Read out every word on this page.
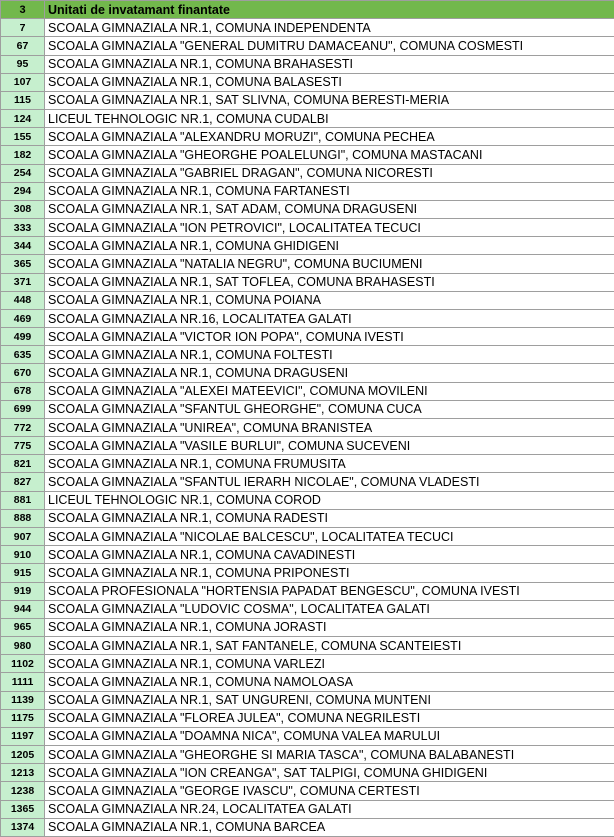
3	Unitati de invatamant finantate
7	SCOALA GIMNAZIALA NR.1, COMUNA INDEPENDENTA
67	SCOALA GIMNAZIALA "GENERAL DUMITRU DAMACEANU", COMUNA COSMESTI
95	SCOALA GIMNAZIALA NR.1, COMUNA BRAHASESTI
107	SCOALA GIMNAZIALA NR.1, COMUNA BALASESTI
115	SCOALA GIMNAZIALA NR.1, SAT SLIVNA, COMUNA BERESTI-MERIA
124	LICEUL TEHNOLOGIC NR.1, COMUNA CUDALBI
155	SCOALA GIMNAZIALA "ALEXANDRU MORUZI", COMUNA PECHEA
182	SCOALA GIMNAZIALA "GHEORGHE POALELUNGI", COMUNA MASTACANI
254	SCOALA GIMNAZIALA "GABRIEL DRAGAN", COMUNA NICORESTI
294	SCOALA GIMNAZIALA NR.1, COMUNA FARTANESTI
308	SCOALA GIMNAZIALA NR.1, SAT ADAM, COMUNA DRAGUSENI
333	SCOALA GIMNAZIALA "ION PETROVICI", LOCALITATEA TECUCI
344	SCOALA GIMNAZIALA NR.1, COMUNA GHIDIGENI
365	SCOALA GIMNAZIALA "NATALIA NEGRU", COMUNA BUCIUMENI
371	SCOALA GIMNAZIALA NR.1, SAT TOFLEA, COMUNA BRAHASESTI
448	SCOALA GIMNAZIALA NR.1, COMUNA POIANA
469	SCOALA GIMNAZIALA NR.16, LOCALITATEA GALATI
499	SCOALA GIMNAZIALA "VICTOR ION POPA", COMUNA IVESTI
635	SCOALA GIMNAZIALA NR.1, COMUNA FOLTESTI
670	SCOALA GIMNAZIALA NR.1, COMUNA DRAGUSENI
678	SCOALA GIMNAZIALA "ALEXEI MATEEVICI", COMUNA MOVILENI
699	SCOALA GIMNAZIALA "SFANTUL GHEORGHE", COMUNA CUCA
772	SCOALA GIMNAZIALA "UNIREA", COMUNA BRANISTEA
775	SCOALA GIMNAZIALA "VASILE BURLUI", COMUNA SUCEVENI
821	SCOALA GIMNAZIALA NR.1, COMUNA FRUMUSITA
827	SCOALA GIMNAZIALA "SFANTUL IERARH NICOLAE", COMUNA VLADESTI
881	LICEUL TEHNOLOGIC NR.1, COMUNA COROD
888	SCOALA GIMNAZIALA NR.1, COMUNA RADESTI
907	SCOALA GIMNAZIALA "NICOLAE BALCESCU", LOCALITATEA TECUCI
910	SCOALA GIMNAZIALA NR.1, COMUNA CAVADINESTI
915	SCOALA GIMNAZIALA NR.1, COMUNA PRIPONESTI
919	SCOALA PROFESIONALA "HORTENSIA PAPADAT BENGESCU", COMUNA IVESTI
944	SCOALA GIMNAZIALA "LUDOVIC COSMA", LOCALITATEA GALATI
965	SCOALA GIMNAZIALA NR.1, COMUNA JORASTI
980	SCOALA GIMNAZIALA NR.1, SAT FANTANELE, COMUNA SCANTEIESTI
1102	SCOALA GIMNAZIALA NR.1, COMUNA VARLEZI
1111	SCOALA GIMNAZIALA NR.1, COMUNA NAMOLOASA
1139	SCOALA GIMNAZIALA NR.1, SAT UNGURENI, COMUNA MUNTENI
1175	SCOALA GIMNAZIALA "FLOREA JULEA", COMUNA NEGRILESTI
1197	SCOALA GIMNAZIALA "DOAMNA NICA", COMUNA VALEA MARULUI
1205	SCOALA GIMNAZIALA "GHEORGHE SI MARIA TASCA", COMUNA BALABANESTI
1213	SCOALA GIMNAZIALA "ION CREANGA", SAT TALPIGI, COMUNA GHIDIGENI
1238	SCOALA GIMNAZIALA "GEORGE IVASCU", COMUNA CERTESTI
1365	SCOALA GIMNAZIALA NR.24, LOCALITATEA GALATI
1374	SCOALA GIMNAZIALA NR.1, COMUNA BARCEA
